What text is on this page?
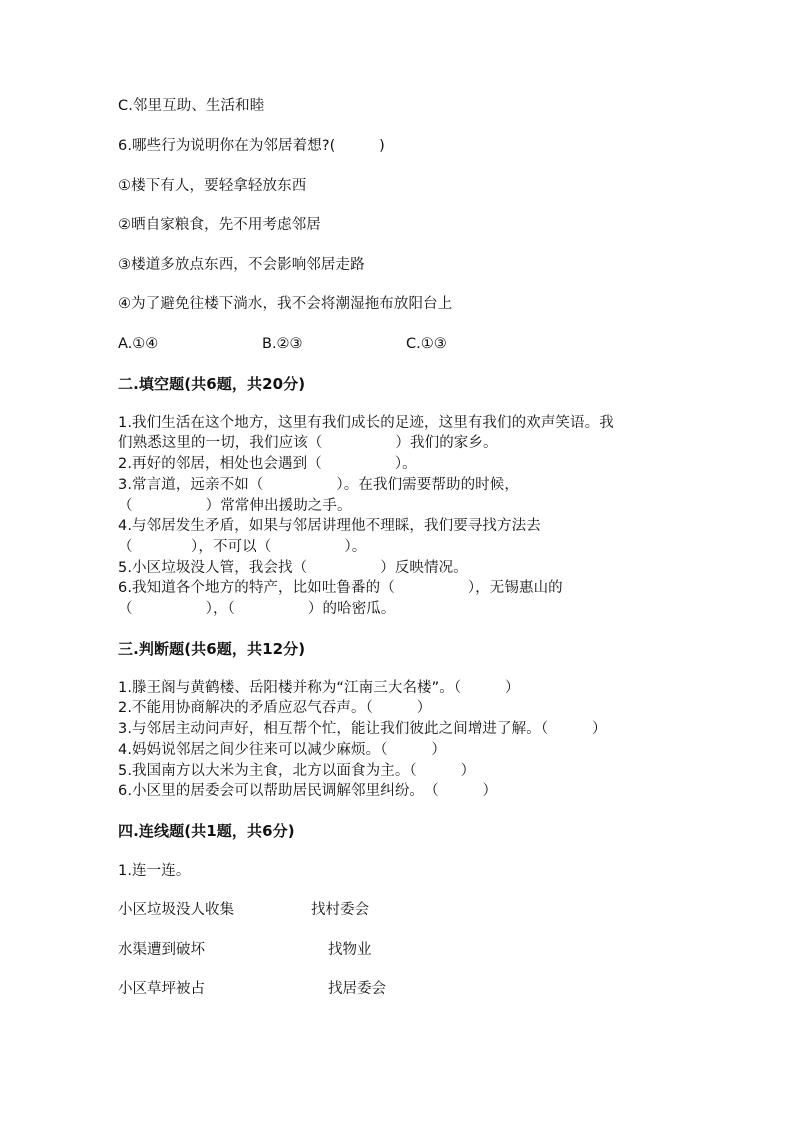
C.邻里互助、生活和睦
6.哪些行为说明你在为邻居着想?(　　　)
①楼下有人，要轻拿轻放东西
②晒自家粮食，先不用考虑邻居
③楼道多放点东西，不会影响邻居走路
④为了避免往楼下淌水，我不会将潮湿拖布放阳台上
A.①④	B.②③	C.①③
二.填空题(共6题，共20分)
1.我们生活在这个地方，这里有我们成长的足迹，这里有我们的欢声笑语。我
们熟悉这里的一切，我们应该（　　　　　）我们的家乡。
2.再好的邻居，相处也会遇到（　　　　　）。
3.常言道，远亲不如（　　　　　）。在我们需要帮助的时候，
（　　　　　）常常伸出援助之手。
4.与邻居发生矛盾，如果与邻居讲理他不理睬，我们要寻找方法去
（　　　　），不可以（　　　　　）。
5.小区垃圾没人管，我会找（　　　　　）反映情况。
6.我知道各个地方的特产，比如吐鲁番的（　　　　　），无锡惠山的
（　　　　　），（　　　　　）的哈密瓜。
三.判断题(共6题，共12分)
1.滕王阁与黄鹤楼、岳阳楼并称为“江南三大名楼”。（　　　）
2.不能用协商解决的矛盾应忍气吞声。（　　　）
3.与邻居主动问声好，相互帮个忙，能让我们彼此之间增进了解。（　　　）
4.妈妈说邻居之间少往来可以减少麻烦。（　　　）
5.我国南方以大米为主食，北方以面食为主。（　　　）
6.小区里的居委会可以帮助居民调解邻里纠纷。　（　　　）
四.连线题(共1题，共6分)
1.连一连。
小区垃圾没人收集	找村委会
水渠遭到破坏	找物业
小区草坪被占	找居委会
